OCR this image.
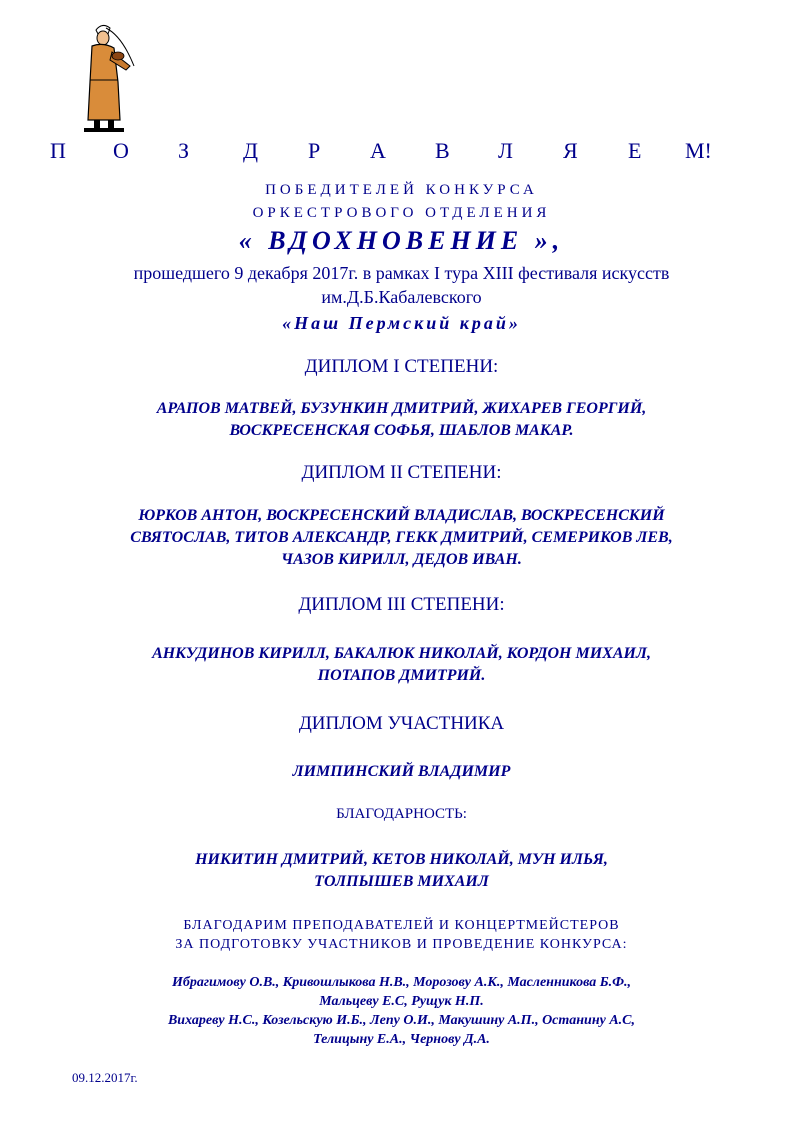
П О З Д Р А В Л Я Е М!
ПОБЕДИТЕЛЕЙ КОНКУРСА
ОРКЕСТРОВОГО ОТДЕЛЕНИЯ
« ВДОХНОВЕНИЕ »,
прошедшего 9 декабря 2017г. в рамках I тура XIII фестиваля искусств
им.Д.Б.Кабалевского
«Наш Пермский край»
ДИПЛОМ I СТЕПЕНИ:
АРАПОВ МАТВЕЙ, БУЗУНКИН ДМИТРИЙ, ЖИХАРЕВ ГЕОРГИЙ,
ВОСКРЕСЕНСКАЯ СОФЬЯ, ШАБЛОВ МАКАР.
ДИПЛОМ II СТЕПЕНИ:
ЮРКОВ АНТОН, ВОСКРЕСЕНСКИЙ ВЛАДИСЛАВ, ВОСКРЕСЕНСКИЙ
СВЯТОСЛАВ, ТИТОВ АЛЕКСАНДР, ГЕКК ДМИТРИЙ, СЕМЕРИКОВ ЛЕВ,
ЧАЗОВ КИРИЛЛ, ДЕДОВ ИВАН.
ДИПЛОМ III СТЕПЕНИ:
АНКУДИНОВ КИРИЛЛ, БАКАЛЮК НИКОЛАЙ, КОРДОН МИХАИЛ,
ПОТАПОВ ДМИТРИЙ.
ДИПЛОМ УЧАСТНИКА
ЛИМПИНСКИЙ ВЛАДИМИР
БЛАГОДАРНОСТЬ:
НИКИТИН ДМИТРИЙ, КЕТОВ НИКОЛАЙ, МУН ИЛЬЯ,
ТОЛПЫШЕВ МИХАИЛ
БЛАГОДАРИМ ПРЕПОДАВАТЕЛЕЙ И КОНЦЕРТМЕЙСТЕРОВ
ЗА ПОДГОТОВКУ УЧАСТНИКОВ И ПРОВЕДЕНИЕ КОНКУРСА:
Ибрагимову О.В., Кривошлыкова Н.В., Морозову А.К., Масленникова Б.Ф.,
Мальцеву Е.С, Рущук Н.П.
Вихареву Н.С., Козельскую И.Б., Лепу О.И., Макушину А.П., Останину А.С,
Телицыну Е.А., Чернову Д.А.
09.12.2017г.
